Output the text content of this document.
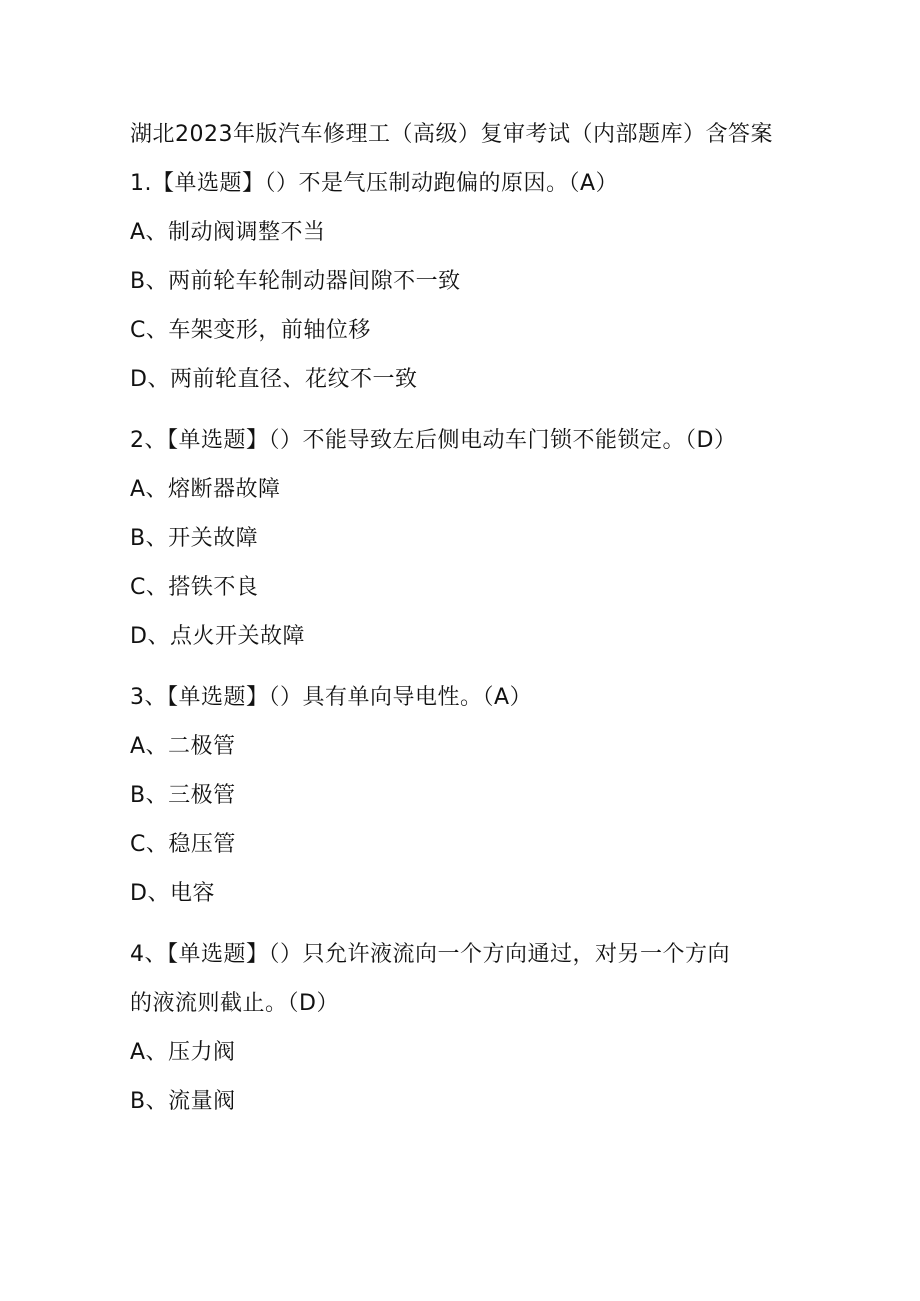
湖北2023年版汽车修理工（高级）复审考试（内部题库）含答案
1.【单选题】（）不是气压制动跑偏的原因。（A）
A、制动阀调整不当
B、两前轮车轮制动器间隙不一致
C、车架变形，前轴位移
D、两前轮直径、花纹不一致
2、【单选题】（）不能导致左后侧电动车门锁不能锁定。（D）
A、熔断器故障
B、开关故障
C、搭铁不良
D、点火开关故障
3、【单选题】（）具有单向导电性。（A）
A、二极管
B、三极管
C、稳压管
D、电容
4、【单选题】（）只允许液流向一个方向通过，对另一个方向
的液流则截止。（D）
A、压力阀
B、流量阀
